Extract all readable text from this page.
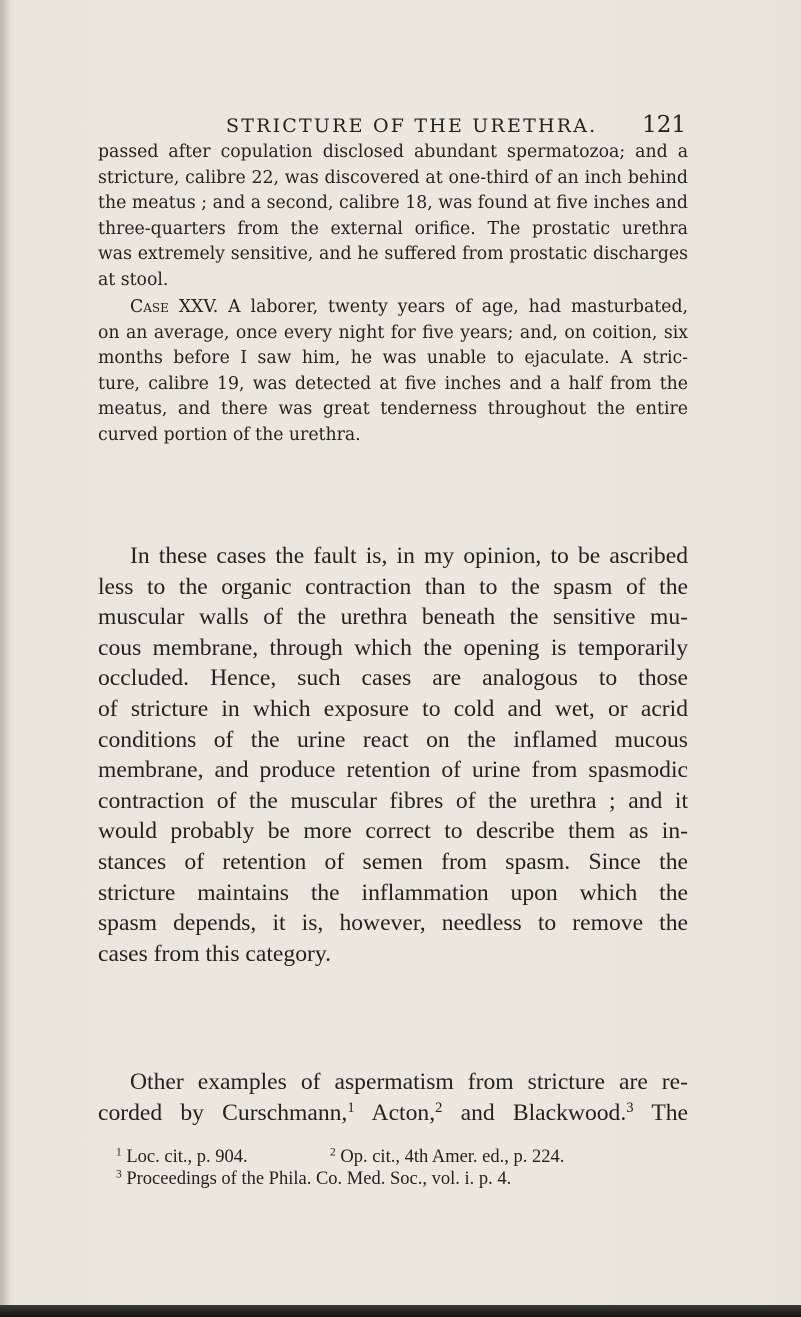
STRICTURE OF THE URETHRA. 121
passed after copulation disclosed abundant spermatozoa; and a
stricture, calibre 22, was discovered at one-third of an inch behind
the meatus ; and a second, calibre 18, was found at five inches and
three-quarters from the external orifice. The prostatic urethra
was extremely sensitive, and he suffered from prostatic discharges
at stool.
Case XXV. A laborer, twenty years of age, had masturbated,
on an average, once every night for five years; and, on coition, six
months before I saw him, he was unable to ejaculate. A stric-
ture, calibre 19, was detected at five inches and a half from the
meatus, and there was great tenderness throughout the entire
curved portion of the urethra.
In these cases the fault is, in my opinion, to be ascribed
less to the organic contraction than to the spasm of the
muscular walls of the urethra beneath the sensitive mu-
cous membrane, through which the opening is temporarily
occluded. Hence, such cases are analogous to those
of stricture in which exposure to cold and wet, or acrid
conditions of the urine react on the inflamed mucous
membrane, and produce retention of urine from spasmodic
contraction of the muscular fibres of the urethra ; and it
would probably be more correct to describe them as in-
stances of retention of semen from spasm. Since the
stricture maintains the inflammation upon which the
spasm depends, it is, however, needless to remove the
cases from this category.
Other examples of aspermatism from stricture are re-
corded by Curschmann,$^1$ Acton,$^2$ and Blackwood.$^3$ The
$^1$ Loc. cit., p. 904.	$^2$ Op. cit., 4th Amer. ed., p. 224.
$^3$ Proceedings of the Phila. Co. Med. Soc., vol. i. p. 4.
